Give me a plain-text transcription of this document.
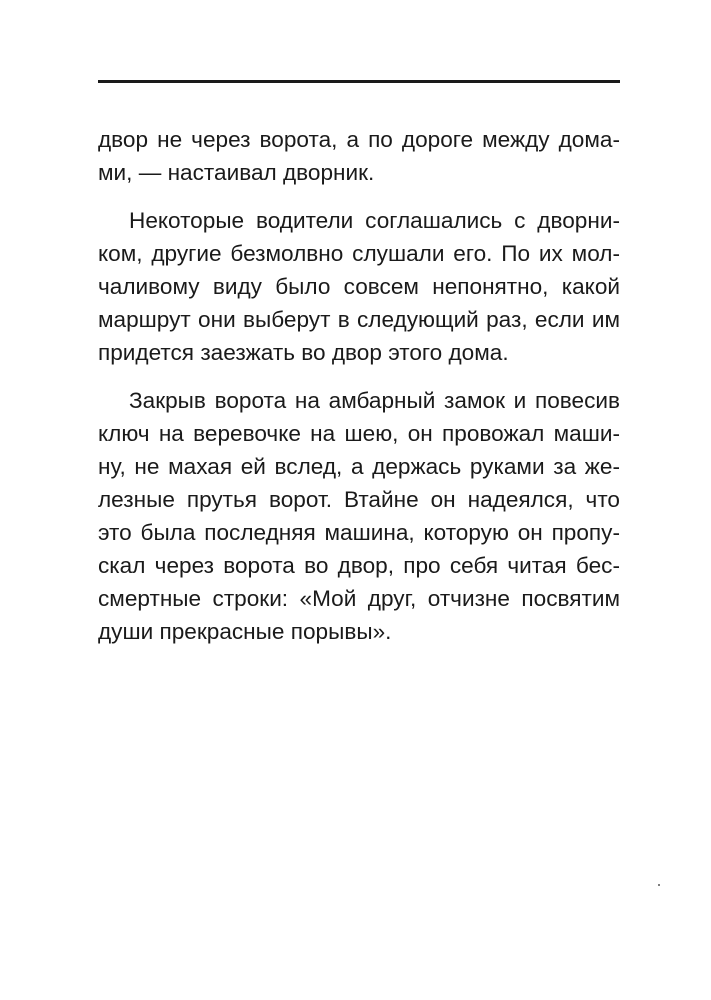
двор не через ворота, а по дороге между дома-
ми, — настаивал дворник.

Некоторые водители соглашались с дворни-
ком, другие безмолвно слушали его. По их мол-
чаливому виду было совсем непонятно, какой
маршрут они выберут в следующий раз, если им
придется заезжать во двор этого дома.

Закрыв ворота на амбарный замок и повесив
ключ на веревочке на шею, он провожал маши-
ну, не махая ей вслед, а держась руками за же-
лезные прутья ворот. Втайне он надеялся, что
это была последняя машина, которую он пропу-
скал через ворота во двор, про себя читая бес-
смертные строки: «Мой друг, отчизне посвятим
души прекрасные порывы».
